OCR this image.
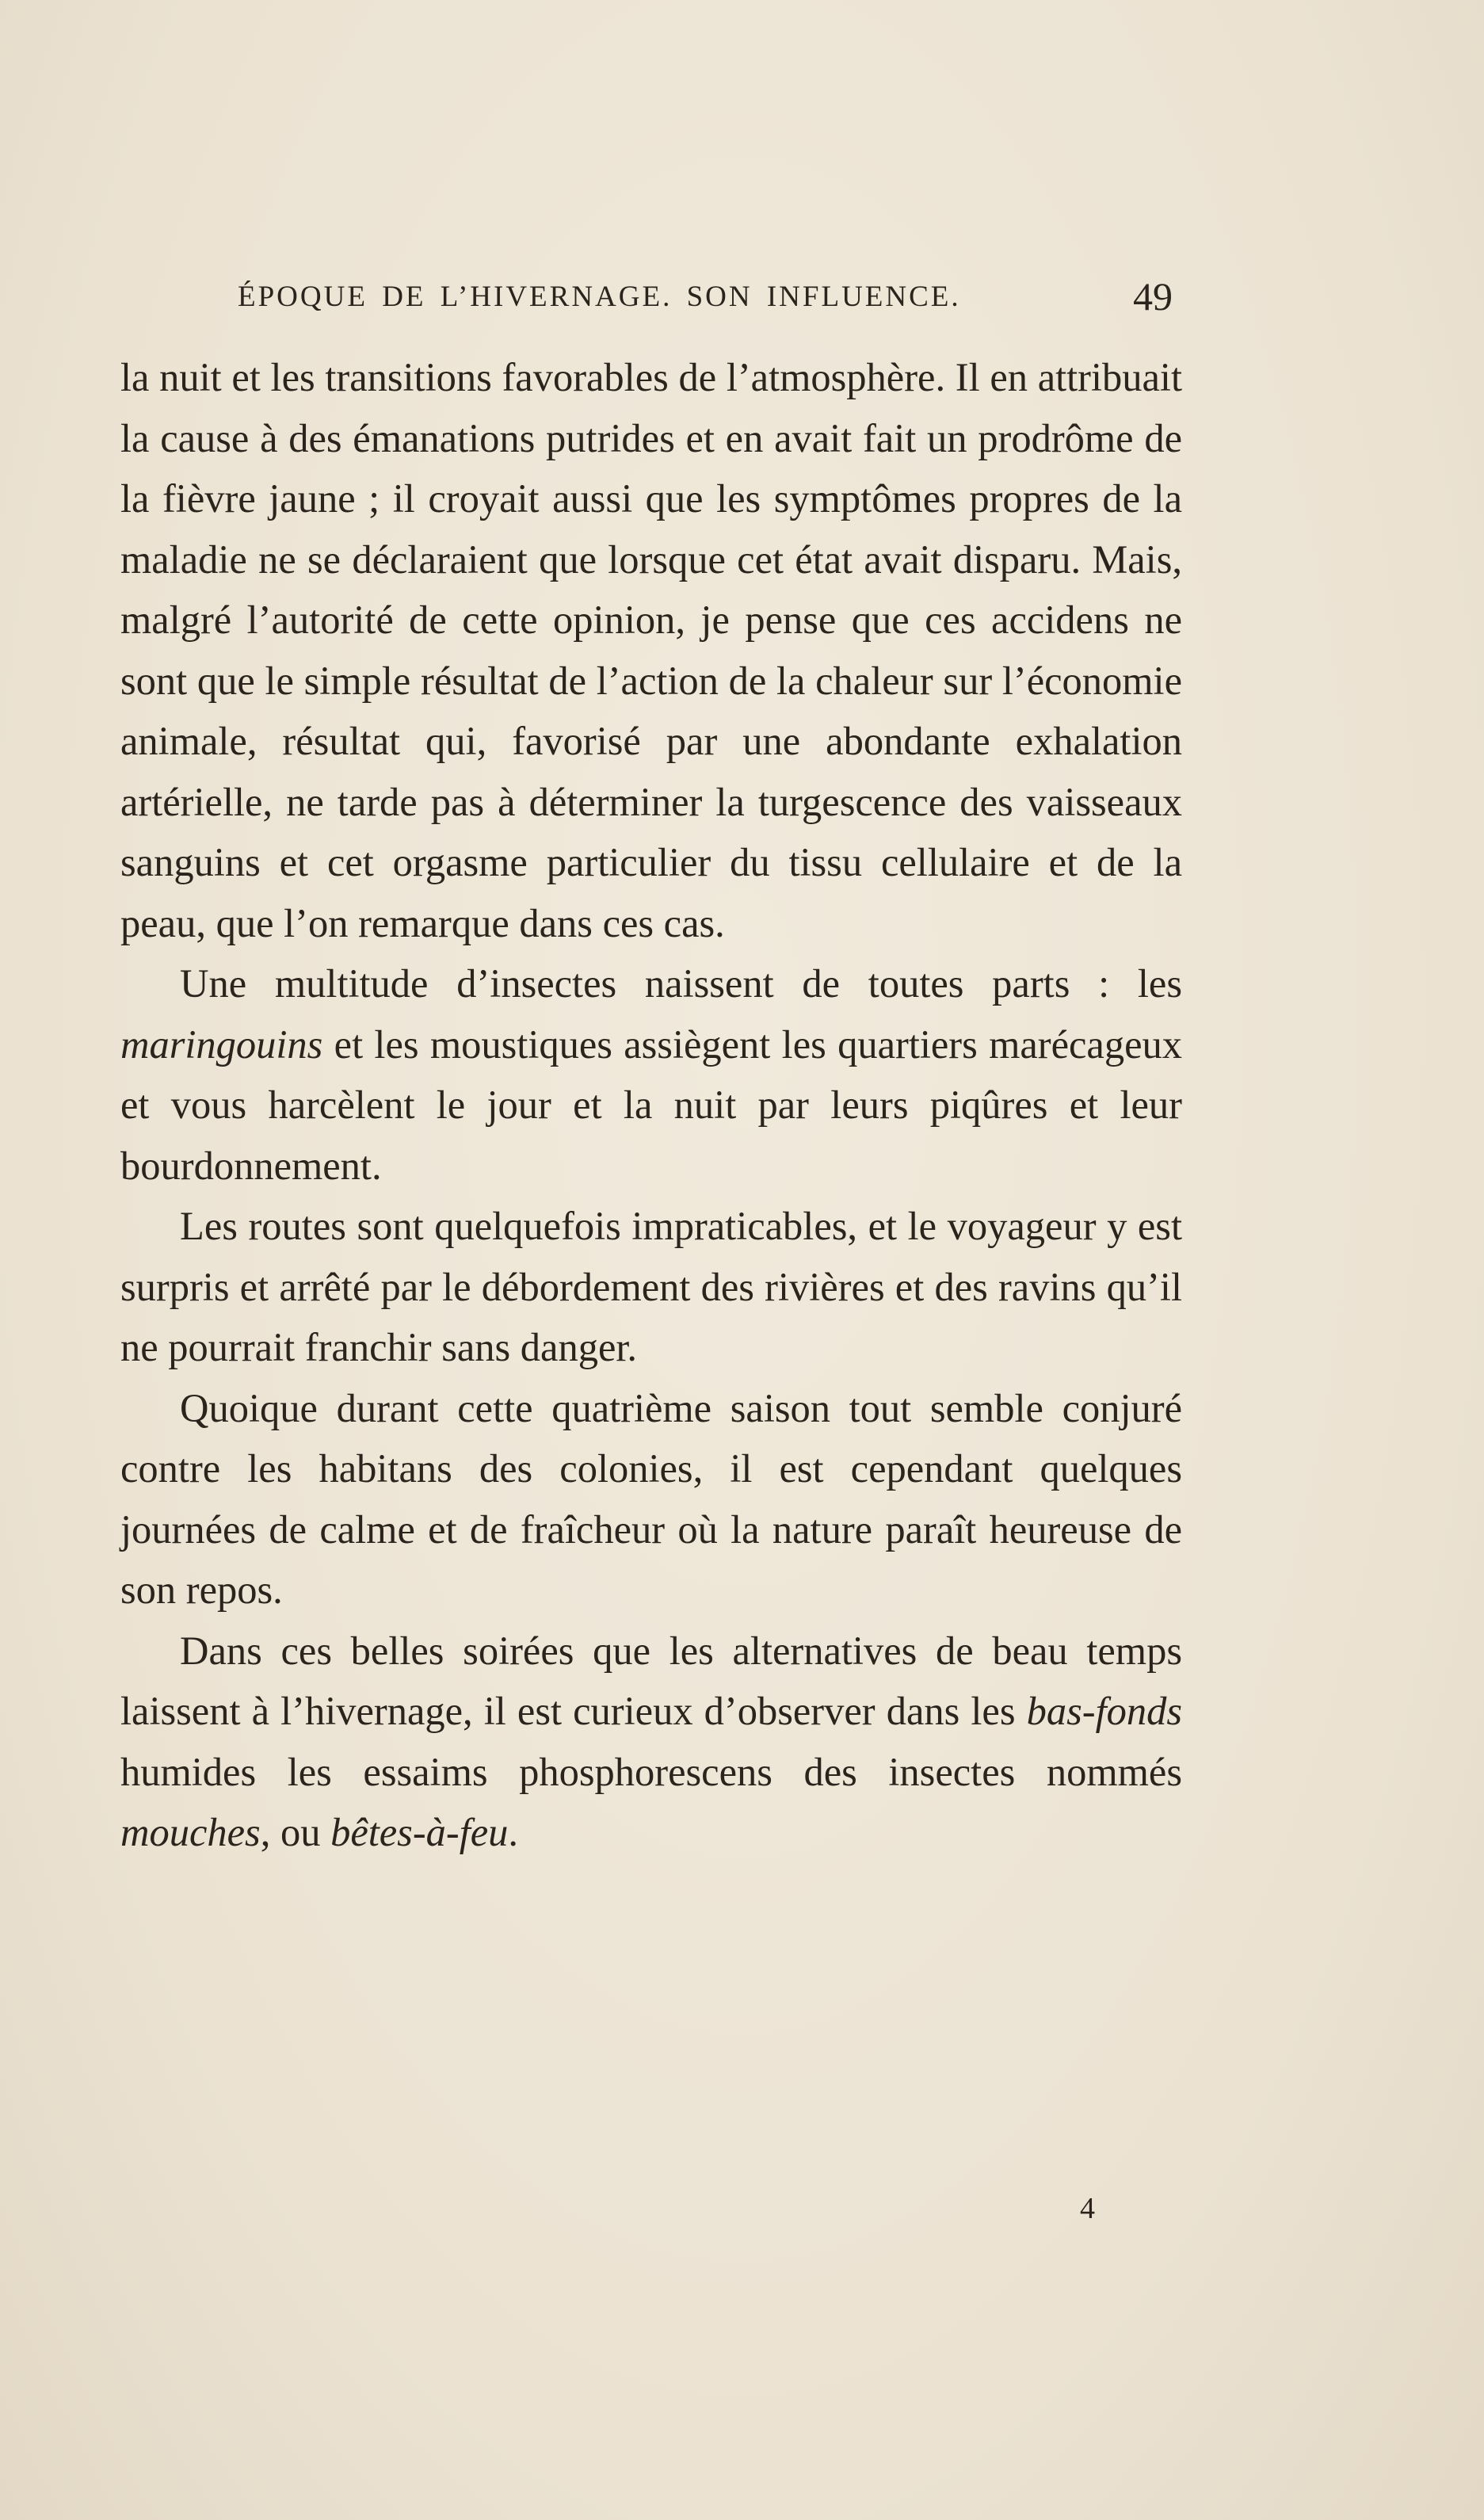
ÉPOQUE DE L’HIVERNAGE. SON INFLUENCE.	49

la nuit et les transitions favorables de l’atmosphère. Il en attribuait la cause à des émanations putrides et en avait fait un prodrôme de la fièvre jaune ; il croyait aussi que les symptômes propres de la maladie ne se déclaraient que lorsque cet état avait disparu. Mais, malgré l’autorité de cette opinion, je pense que ces accidens ne sont que le simple résultat de l’action de la chaleur sur l’économie animale, résultat qui, favorisé par une abondante exhalation artérielle, ne tarde pas à déterminer la turgescence des vaisseaux sanguins et cet orgasme particulier du tissu cellulaire et de la peau, que l’on remarque dans ces cas.

Une multitude d’insectes naissent de toutes parts : les maringouins et les moustiques assiègent les quartiers marécageux et vous harcèlent le jour et la nuit par leurs piqûres et leur bourdonnement.

Les routes sont quelquefois impraticables, et le voyageur y est surpris et arrêté par le débordement des rivières et des ravins qu’il ne pourrait franchir sans danger.

Quoique durant cette quatrième saison tout semble conjuré contre les habitans des colonies, il est cependant quelques journées de calme et de fraîcheur où la nature paraît heureuse de son repos.

Dans ces belles soirées que les alternatives de beau temps laissent à l’hivernage, il est curieux d’observer dans les bas-fonds humides les essaims phosphorescens des insectes nommés mouches, ou bêtes-à-feu.

4
